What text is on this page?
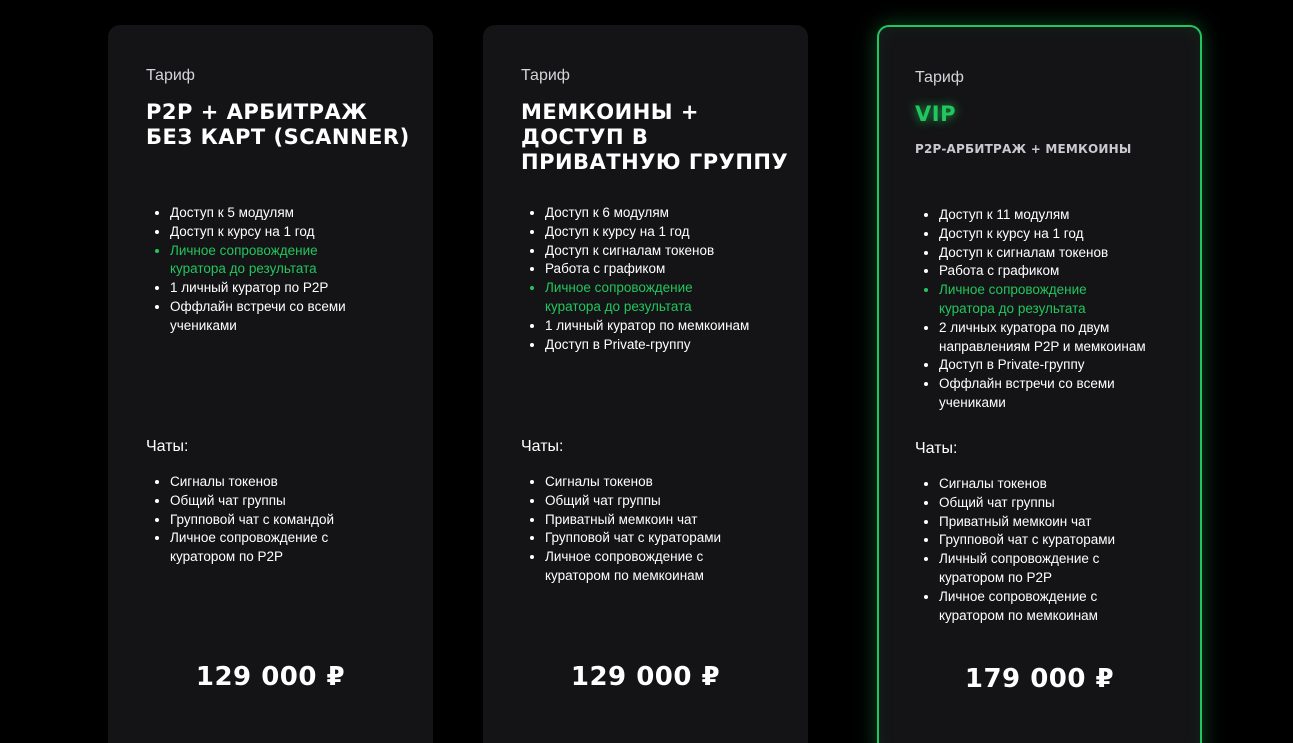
Тариф
P2P + АРБИТРАЖ БЕЗ КАРТ (SCANNER)
• Доступ к 5 модулям
• Доступ к курсу на 1 год
• Личное сопровождение куратора до результата
• 1 личный куратор по P2P
• Оффлайн встречи со всеми учениками
Чаты:
• Сигналы токенов
• Общий чат группы
• Групповой чат с командой
• Личное сопровождение с куратором по P2P
129 000 ₽
Тариф
МЕМКОИНЫ + ДОСТУП В ПРИВАТНУЮ ГРУППУ
• Доступ к 6 модулям
• Доступ к курсу на 1 год
• Доступ к сигналам токенов
• Работа с графиком
• Личное сопровождение куратора до результата
• 1 личный куратор по мемкоинам
• Доступ в Private-группу
Чаты:
• Сигналы токенов
• Общий чат группы
• Приватный мемкоин чат
• Групповой чат с кураторами
• Личное сопровождение с куратором по мемкоинам
129 000 ₽
Тариф
VIP
P2P-АРБИТРАЖ + МЕМКОИНЫ
• Доступ к 11 модулям
• Доступ к курсу на 1 год
• Доступ к сигналам токенов
• Работа с графиком
• Личное сопровождение куратора до результата
• 2 личных куратора по двум направлениям P2P и мемкоинам
• Доступ в Private-группу
• Оффлайн встречи со всеми учениками
Чаты:
• Сигналы токенов
• Общий чат группы
• Приватный мемкоин чат
• Групповой чат с кураторами
• Личный сопровождение с куратором по P2P
• Личное сопровождение с куратором по мемкоинам
179 000 ₽
